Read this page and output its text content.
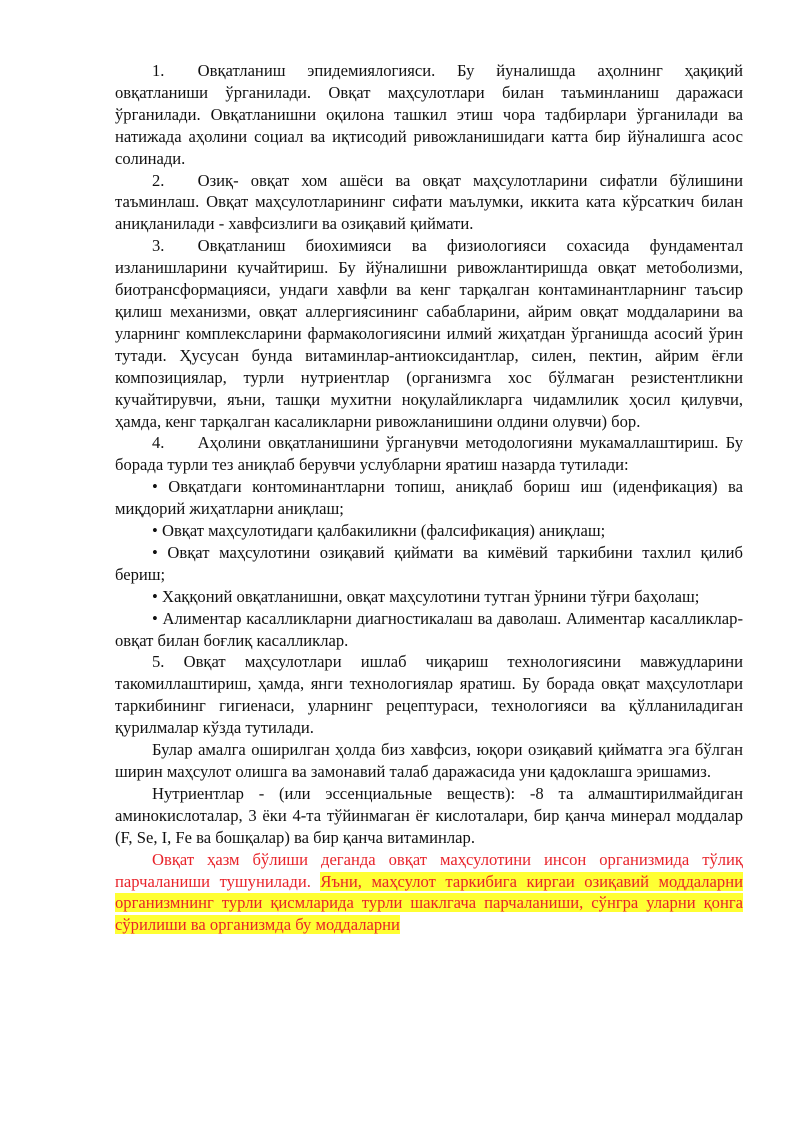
1.  Овқатланиш эпидемиялогияси. Бу йуналишда аҳолнинг ҳақиқий овқатланиши ўрганилади. Овқат маҳсулотлари билан таъминланиш даражаси ўрганилади. Овқатланишни оқилона ташкил этиш чора тадбирлари ўрганилади ва натижада аҳолини социал ва иқтисодий ривожланишидаги катта бир йўналишга асос солинади.

2.  Озиқ- овқат хом ашёси ва овқат маҳсулотларини сифатли бўлишини таъминлаш. Овқат маҳсулотларининг сифати маълумки, иккита ката кўрсаткич билан аниқланилади - хавфсизлиги ва озиқавий қиймати.

3.  Овқатланиш биохимияси ва физиологияси сохасида фундаментал изланишларини кучайтириш. Бу йўналишни ривожлантиришда овқат метоболизми, биотрансформацияси, ундаги хавфли ва кенг тарқалган контаминантларнинг таъсир қилиш механизми, овқат аллергиясининг сабабларини, айрим овқат моддаларини ва уларнинг комплексларини фармакологиясини илмий жиҳатдан ўрганишда асосий ўрин тутади. Ҳусусан бунда витаминлар-антиоксидантлар, силен, пектин, айрим ёғли композициялар, турли нутриентлар (организмга хос бўлмаган резистентликни кучайтирувчи, яъни, ташқи мухитни ноқулайликларга чидамлилик ҳосил қилувчи, ҳамда, кенг тарқалган касаликларни ривожланишини олдини олувчи) бор.

4.  Аҳолини овқатланишини ўрганувчи методологияни мукамаллаштириш. Бу борада турли тез аниқлаб берувчи услубларни яратиш назарда тутилади:

• Овқатдаги контоминантларни топиш, аниқлаб бориш иш (иденфикация) ва миқдорий жиҳатларни аниқлаш;

• Овқат маҳсулотидаги қалбакиликни (фалсификация) аниқлаш;

• Овқат маҳсулотини озиқавий қиймати ва кимёвий таркибини тахлил қилиб бериш;

• Хаққоний овқатланишни, овқат маҳсулотини тутган ўрнини тўғри баҳолаш;

• Алиментар касалликларни диагностикалаш ва даволаш. Алиментар касалликлар-овқат билан боғлиқ касалликлар.

5. Овқат маҳсулотлари ишлаб чиқариш технологиясини мавжудларини такомиллаштириш, ҳамда, янги технологиялар яратиш. Бу борада овқат маҳсулотлари таркибининг гигиенаси, уларнинг рецептураси, технологияси ва қўлланиладиган қурилмалар кўзда тутилади.

Булар амалга оширилган ҳолда биз хавфсиз, юқори озиқавий қийматга эга бўлган ширин маҳсулот олишга ва замонавий талаб даражасида уни қадоклашга эришамиз.

Нутриентлар - (или эссенциальные веществ): -8 та алмаштирилмайдиган аминокислоталар, 3 ёки 4-та тўйинмаган ёғ кислоталари, бир қанча минерал моддалар (F, Se, I, Fe ва бошқалар) ва бир қанча витаминлар.

Овқат ҳазм бўлиши деганда овқат маҳсулотини инсон организмида тўлиқ парчаланиши тушунилади. Яъни, маҳсулот таркибига киргаи озиқавий моддаларни организмнинг турли қисмларида турли шаклгача парчаланиши, сўнгра уларни қонга сўрилиши ва организмда бу моддаларни
